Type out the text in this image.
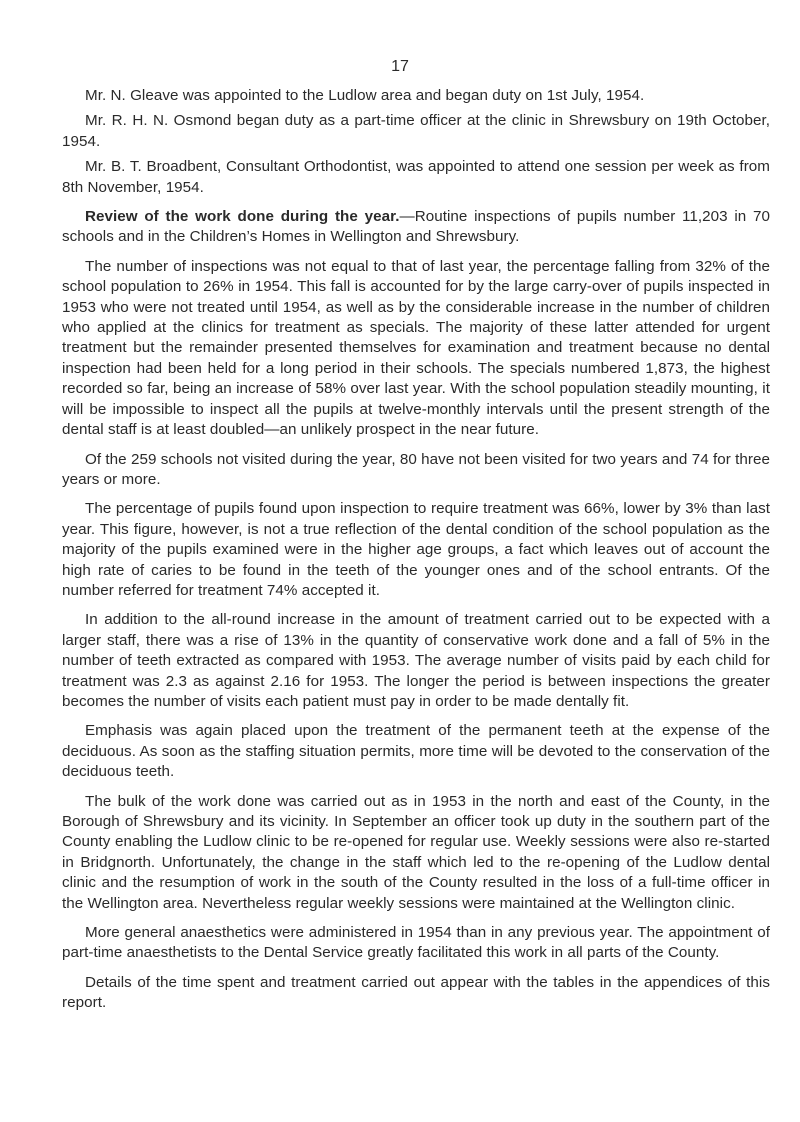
17

Mr. N. Gleave was appointed to the Ludlow area and began duty on 1st July, 1954.

Mr. R. H. N. Osmond began duty as a part-time officer at the clinic in Shrewsbury on 19th October, 1954.

Mr. B. T. Broadbent, Consultant Orthodontist, was appointed to attend one session per week as from 8th November, 1954.

Review of the work done during the year.—Routine inspections of pupils number 11,203 in 70 schools and in the Children’s Homes in Wellington and Shrewsbury.

The number of inspections was not equal to that of last year, the percentage falling from 32% of the school population to 26% in 1954. This fall is accounted for by the large carry-over of pupils inspected in 1953 who were not treated until 1954, as well as by the considerable increase in the number of children who applied at the clinics for treatment as specials. The majority of these latter attended for urgent treatment but the remainder presented themselves for examination and treatment because no dental inspection had been held for a long period in their schools. The specials numbered 1,873, the highest recorded so far, being an increase of 58% over last year. With the school population steadily mounting, it will be impossible to inspect all the pupils at twelve-monthly intervals until the present strength of the dental staff is at least doubled—an unlikely prospect in the near future.

Of the 259 schools not visited during the year, 80 have not been visited for two years and 74 for three years or more.

The percentage of pupils found upon inspection to require treatment was 66%, lower by 3% than last year. This figure, however, is not a true reflection of the dental condition of the school population as the majority of the pupils examined were in the higher age groups, a fact which leaves out of account the high rate of caries to be found in the teeth of the younger ones and of the school entrants. Of the number referred for treatment 74% accepted it.

In addition to the all-round increase in the amount of treatment carried out to be expected with a larger staff, there was a rise of 13% in the quantity of conservative work done and a fall of 5% in the number of teeth extracted as compared with 1953. The average number of visits paid by each child for treatment was 2.3 as against 2.16 for 1953. The longer the period is between inspections the greater becomes the number of visits each patient must pay in order to be made dentally fit.

Emphasis was again placed upon the treatment of the permanent teeth at the expense of the deciduous. As soon as the staffing situation permits, more time will be devoted to the conservation of the deciduous teeth.

The bulk of the work done was carried out as in 1953 in the north and east of the County, in the Borough of Shrewsbury and its vicinity. In September an officer took up duty in the southern part of the County enabling the Ludlow clinic to be re-opened for regular use. Weekly sessions were also re-started in Bridgnorth. Unfortunately, the change in the staff which led to the re-opening of the Ludlow dental clinic and the resumption of work in the south of the County resulted in the loss of a full-time officer in the Wellington area. Nevertheless regular weekly sessions were maintained at the Wellington clinic.

More general anaesthetics were administered in 1954 than in any previous year. The appointment of part-time anaesthetists to the Dental Service greatly facilitated this work in all parts of the County.

Details of the time spent and treatment carried out appear with the tables in the appendices of this report.
